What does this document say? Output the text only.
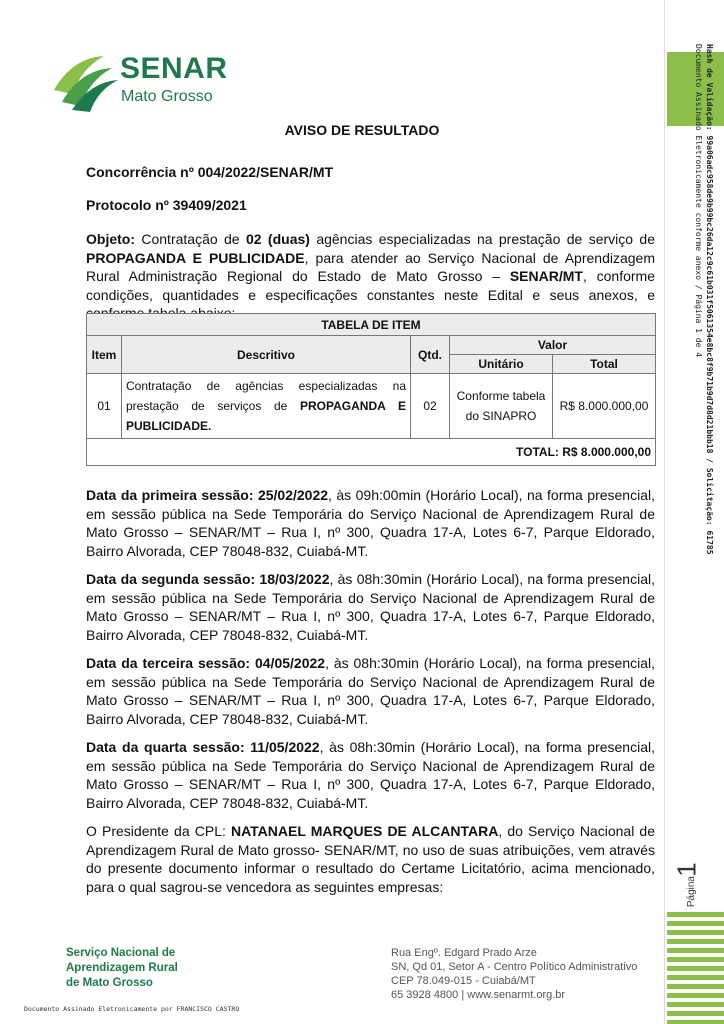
Hash de Validação: 99a06adc958de9b99bc26da12c9c61b031f5061354e8bc8f9b71b9d7d8d21bbb18 / Solicitação: 61785
Documento Assinado Eletronicamente conforme anexo / Página 1 de 4
Página
1
SENAR
Mato Grosso
AVISO DE RESULTADO
Concorrência nº 004/2022/SENAR/MT
Protocolo nº 39409/2021
Objeto: Contratação de 02 (duas) agências especializadas na prestação de serviço de PROPAGANDA E PUBLICIDADE, para atender ao Serviço Nacional de Aprendizagem Rural Administração Regional do Estado de Mato Grosso – SENAR/MT, conforme condições, quantidades e especificações constantes neste Edital e seus anexos, e
TABELA DE ITEM				
Item	Descritivo	Qtd.	Valor	
			Unitário	Total
01	Contratação de agências especializadas na prestação de serviços de PROPAGANDA E PUBLICIDADE.	02	Conforme tabela do SINAPRO	R$ 8.000.000,00
TOTAL: R$ 8.000.000,00				
Data da primeira sessão: 25/02/2022, às 09h:00min (Horário Local), na forma presencial, em sessão pública na Sede Temporária do Serviço Nacional de Aprendizagem Rural de Mato Grosso – SENAR/MT – Rua I, nº 300, Quadra 17-A, Lotes 6-7, Parque Eldorado, Bairro Alvorada, CEP 78048-832, Cuiabá-MT.
Data da segunda sessão: 18/03/2022, às 08h:30min (Horário Local), na forma presencial, em sessão pública na Sede Temporária do Serviço Nacional de Aprendizagem Rural de Mato Grosso – SENAR/MT – Rua I, nº 300, Quadra 17-A, Lotes 6-7, Parque Eldorado, Bairro Alvorada, CEP 78048-832, Cuiabá-MT.
Data da terceira sessão: 04/05/2022, às 08h:30min (Horário Local), na forma presencial, em sessão pública na Sede Temporária do Serviço Nacional de Aprendizagem Rural de Mato Grosso – SENAR/MT – Rua I, nº 300, Quadra 17-A, Lotes 6-7, Parque Eldorado, Bairro Alvorada, CEP 78048-832, Cuiabá-MT.
Data da quarta sessão: 11/05/2022, às 08h:30min (Horário Local), na forma presencial, em sessão pública na Sede Temporária do Serviço Nacional de Aprendizagem Rural de Mato Grosso – SENAR/MT – Rua I, nº 300, Quadra 17-A, Lotes 6-7, Parque Eldorado, Bairro Alvorada, CEP 78048-832, Cuiabá-MT.
O Presidente da CPL: NATANAEL MARQUES DE ALCANTARA, do Serviço Nacional de Aprendizagem Rural de Mato grosso- SENAR/MT, no uso de suas atribuições, vem através do presente documento informar o resultado do Certame Licitatório, acima mencionado, para o qual sagrou-se vencedora as seguintes empresas:
Serviço Nacional de
Aprendizagem Rural
de Mato Grosso
Rua Engº. Edgard Prado Arze
SN, Qd 01, Setor A - Centro Político Administrativo
CEP 78.049-015 - Cuiabá/MT
65 3928 4800 | www.senarmt.org.br
Documento Assinado Eletronicamente por FRANCISCO CASTRO
